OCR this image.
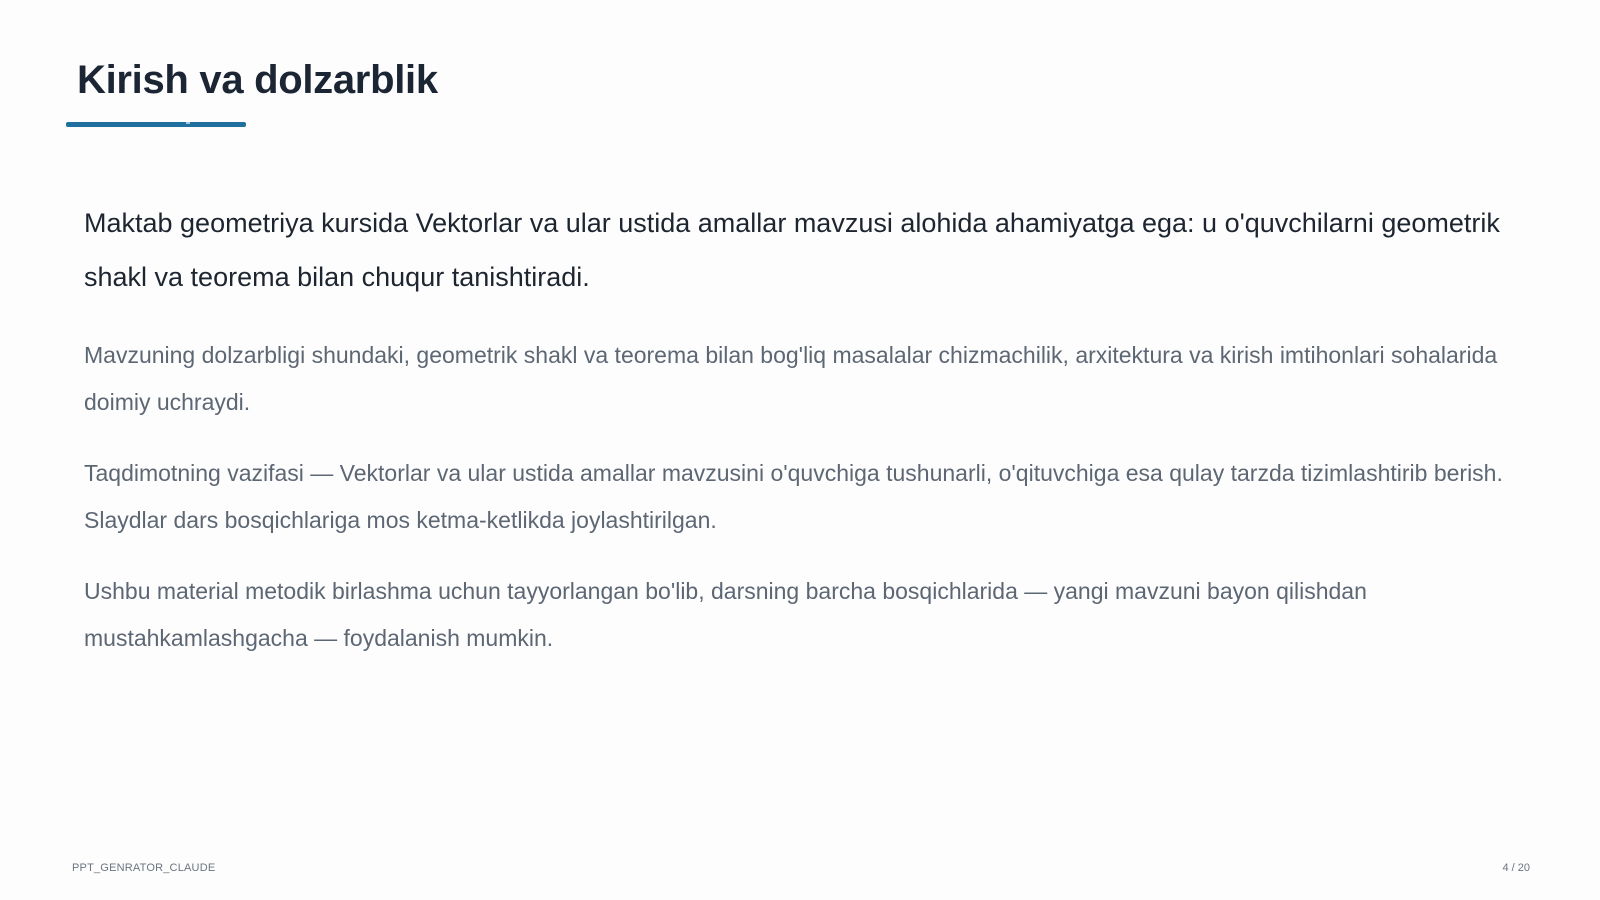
Kirish va dolzarblik

Maktab geometriya kursida Vektorlar va ular ustida amallar mavzusi alohida ahamiyatga ega: u o'quvchilarni geometrik shakl va teorema bilan chuqur tanishtiradi.

Mavzuning dolzarbligi shundaki, geometrik shakl va teorema bilan bog'liq masalalar chizmachilik, arxitektura va kirish imtihonlari sohalarida doimiy uchraydi.

Taqdimotning vazifasi — Vektorlar va ular ustida amallar mavzusini o'quvchiga tushunarli, o'qituvchiga esa qulay tarzda tizimlashtirib berish. Slaydlar dars bosqichlariga mos ketma-ketlikda joylashtirilgan.

Ushbu material metodik birlashma uchun tayyorlangan bo'lib, darsning barcha bosqichlarida — yangi mavzuni bayon qilishdan mustahkamlashgacha — foydalanish mumkin.

PPT_GENRATOR_CLAUDE	4 / 20
